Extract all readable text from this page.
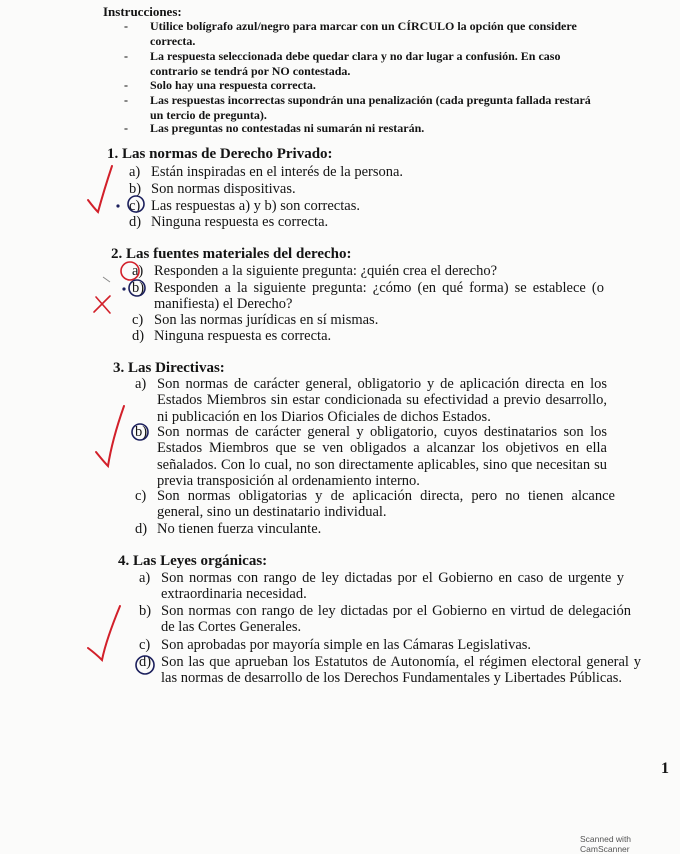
Instrucciones:
- Utilice bolígrafo azul/negro para marcar con un CÍRCULO la opción que considere correcta.
- La respuesta seleccionada debe quedar clara y no dar lugar a confusión. En caso contrario se tendrá por NO contestada.
- Solo hay una respuesta correcta.
- Las respuestas incorrectas supondrán una penalización (cada pregunta fallada restará un tercio de pregunta).
- Las preguntas no contestadas ni sumarán ni restarán.
1. Las normas de Derecho Privado:
a) Están inspiradas en el interés de la persona.
b) Son normas dispositivas.
c) Las respuestas a) y b) son correctas.
d) Ninguna respuesta es correcta.
2. Las fuentes materiales del derecho:
a) Responden a la siguiente pregunta: ¿quién crea el derecho?
b) Responden a la siguiente pregunta: ¿cómo (en qué forma) se establece (o manifiesta) el Derecho?
c) Son las normas jurídicas en sí mismas.
d) Ninguna respuesta es correcta.
3. Las Directivas:
a) Son normas de carácter general, obligatorio y de aplicación directa en los Estados Miembros sin estar condicionada su efectividad a previo desarrollo, ni publicación en los Diarios Oficiales de dichos Estados.
b) Son normas de carácter general y obligatorio, cuyos destinatarios son los Estados Miembros que se ven obligados a alcanzar los objetivos en ella señalados. Con lo cual, no son directamente aplicables, sino que necesitan su previa transposición al ordenamiento interno.
c) Son normas obligatorias y de aplicación directa, pero no tienen alcance general, sino un destinatario individual.
d) No tienen fuerza vinculante.
4. Las Leyes orgánicas:
a) Son normas con rango de ley dictadas por el Gobierno en caso de urgente y extraordinaria necesidad.
b) Son normas con rango de ley dictadas por el Gobierno en virtud de delegación de las Cortes Generales.
c) Son aprobadas por mayoría simple en las Cámaras Legislativas.
d) Son las que aprueban los Estatutos de Autonomía, el régimen electoral general y las normas de desarrollo de los Derechos Fundamentales y Libertades Públicas.
1
Scanned with CamScanner
